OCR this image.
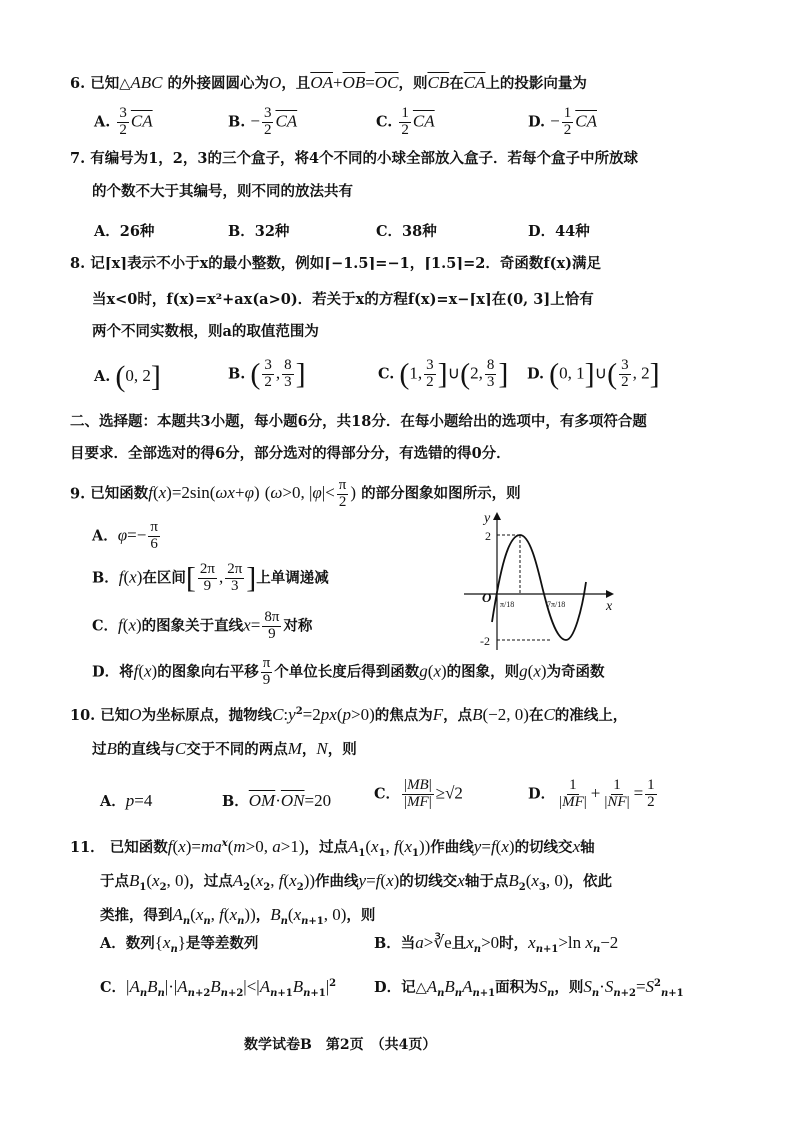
6. 已知△ABC 的外接圆圆心为O，且$\overline{OA}+\overline{OB}=\overline{OC}$，则$\overline{CB}$在$\overline{CA}$上的投影向量为
A. $\frac{3}{2} \overline{CA}$	B. − $\frac{3}{2} \overline{CA}$	C. $\frac{1}{2} \overline{CA}$	D. − $\frac{1}{2} \overline{CA}$
7. 有编号为1，2，3的三个盒子，将4个不同的小球全部放入盒子．若每个盒子中所放球
的个数不大于其编号，则不同的放法共有
A．26种	B．32种	C．38种	D．44种
8. 记⌈x⌉表示不小于x的最小整数，例如⌈−1.5⌉=−1，⌈1.5⌉=2．奇函数f(x)满足
当x<0时，f(x)=x²+ax(a>0)．若关于x的方程f(x)=x−⌈x⌉在(0, 3]上恰有
两个不同实数根，则a的取值范围为
A. (0, 2]	B. ( $\frac{3}{2}$ , $\frac{8}{3}$ ]	C. (1, $\frac{3}{2}$ ]∪(2, $\frac{8}{3}$ ] D. (0, 1]∪( $\frac{3}{2}$ , 2]
二、选择题：本题共3小题，每小题6分，共18分．在每小题给出的选项中，有多项符合题
目要求．全部选对的得6分，部分选对的得部分分，有选错的得0分．
9. 已知函数f(x)=2sin(ωx+φ) (ω>0, $|\varphi|< \frac{\pi}{2}$ ) 的部分图象如图所示，则
A．$\varphi=- \frac{\pi}{6}$
B．f(x)在区间[ $\frac{2\pi}{9}$ , $\frac{2\pi}{3}$ ]上单调递减
C．f(x)的图象关于直线$x= \frac{8\pi}{9}$ 对称
D．将f(x)的图象向右平移 $\frac{\pi}{9}$ 个单位长度后得到函数g(x)的图象，则g(x)为奇函数
y
x
O
2
-2
π/18	7π/18
10. 已知O为坐标原点，抛物线$C:y^2=2px(p>0)$的焦点为F，点B(−2, 0)在C的准线上，
过B的直线与C交于不同的两点M，N，则
A．p=4	B．$\overline{OM}\cdot\overline{ON}=20$	C． $\frac{|MB|}{|MF|} \ge√2$	D． $\frac{1}{|MF|} + \frac{1}{|NF|} = \frac{1}{2}$
11． 已知函数$f(x)=ma^x(m>0$, a>1)，过点$A_1(x_1$, $f(x_1)$)作曲线y=f(x)的切线交x轴
于点$B_1(x_2$, 0)，过点$A_2(x_2$, $f(x_2)$)作曲线y=f(x)的切线交x轴于点$B_2(x_3$, 0)，依此
类推，得到$A_n(x_n$, $f(x_n)$)，$B_n(x_{n+1}$, 0)，则
A．数列$\{x_n\}$是等差数列	B．当a>∛e且$x_n>0$时，$x_{n+1}>\ln$ $x_n-2$
C．$|A_nB_n|\cdot|A_{n+2}B_{n+2}|<|A_{n+1}B_{n+1}|^2$	D．记$\triangle A_nB_nA_{n+1}$面积为$S_n$，则$S_n\cdot S_{n+2}=S^2_{n+1}$
数学试卷B　第2页　（共4页）
